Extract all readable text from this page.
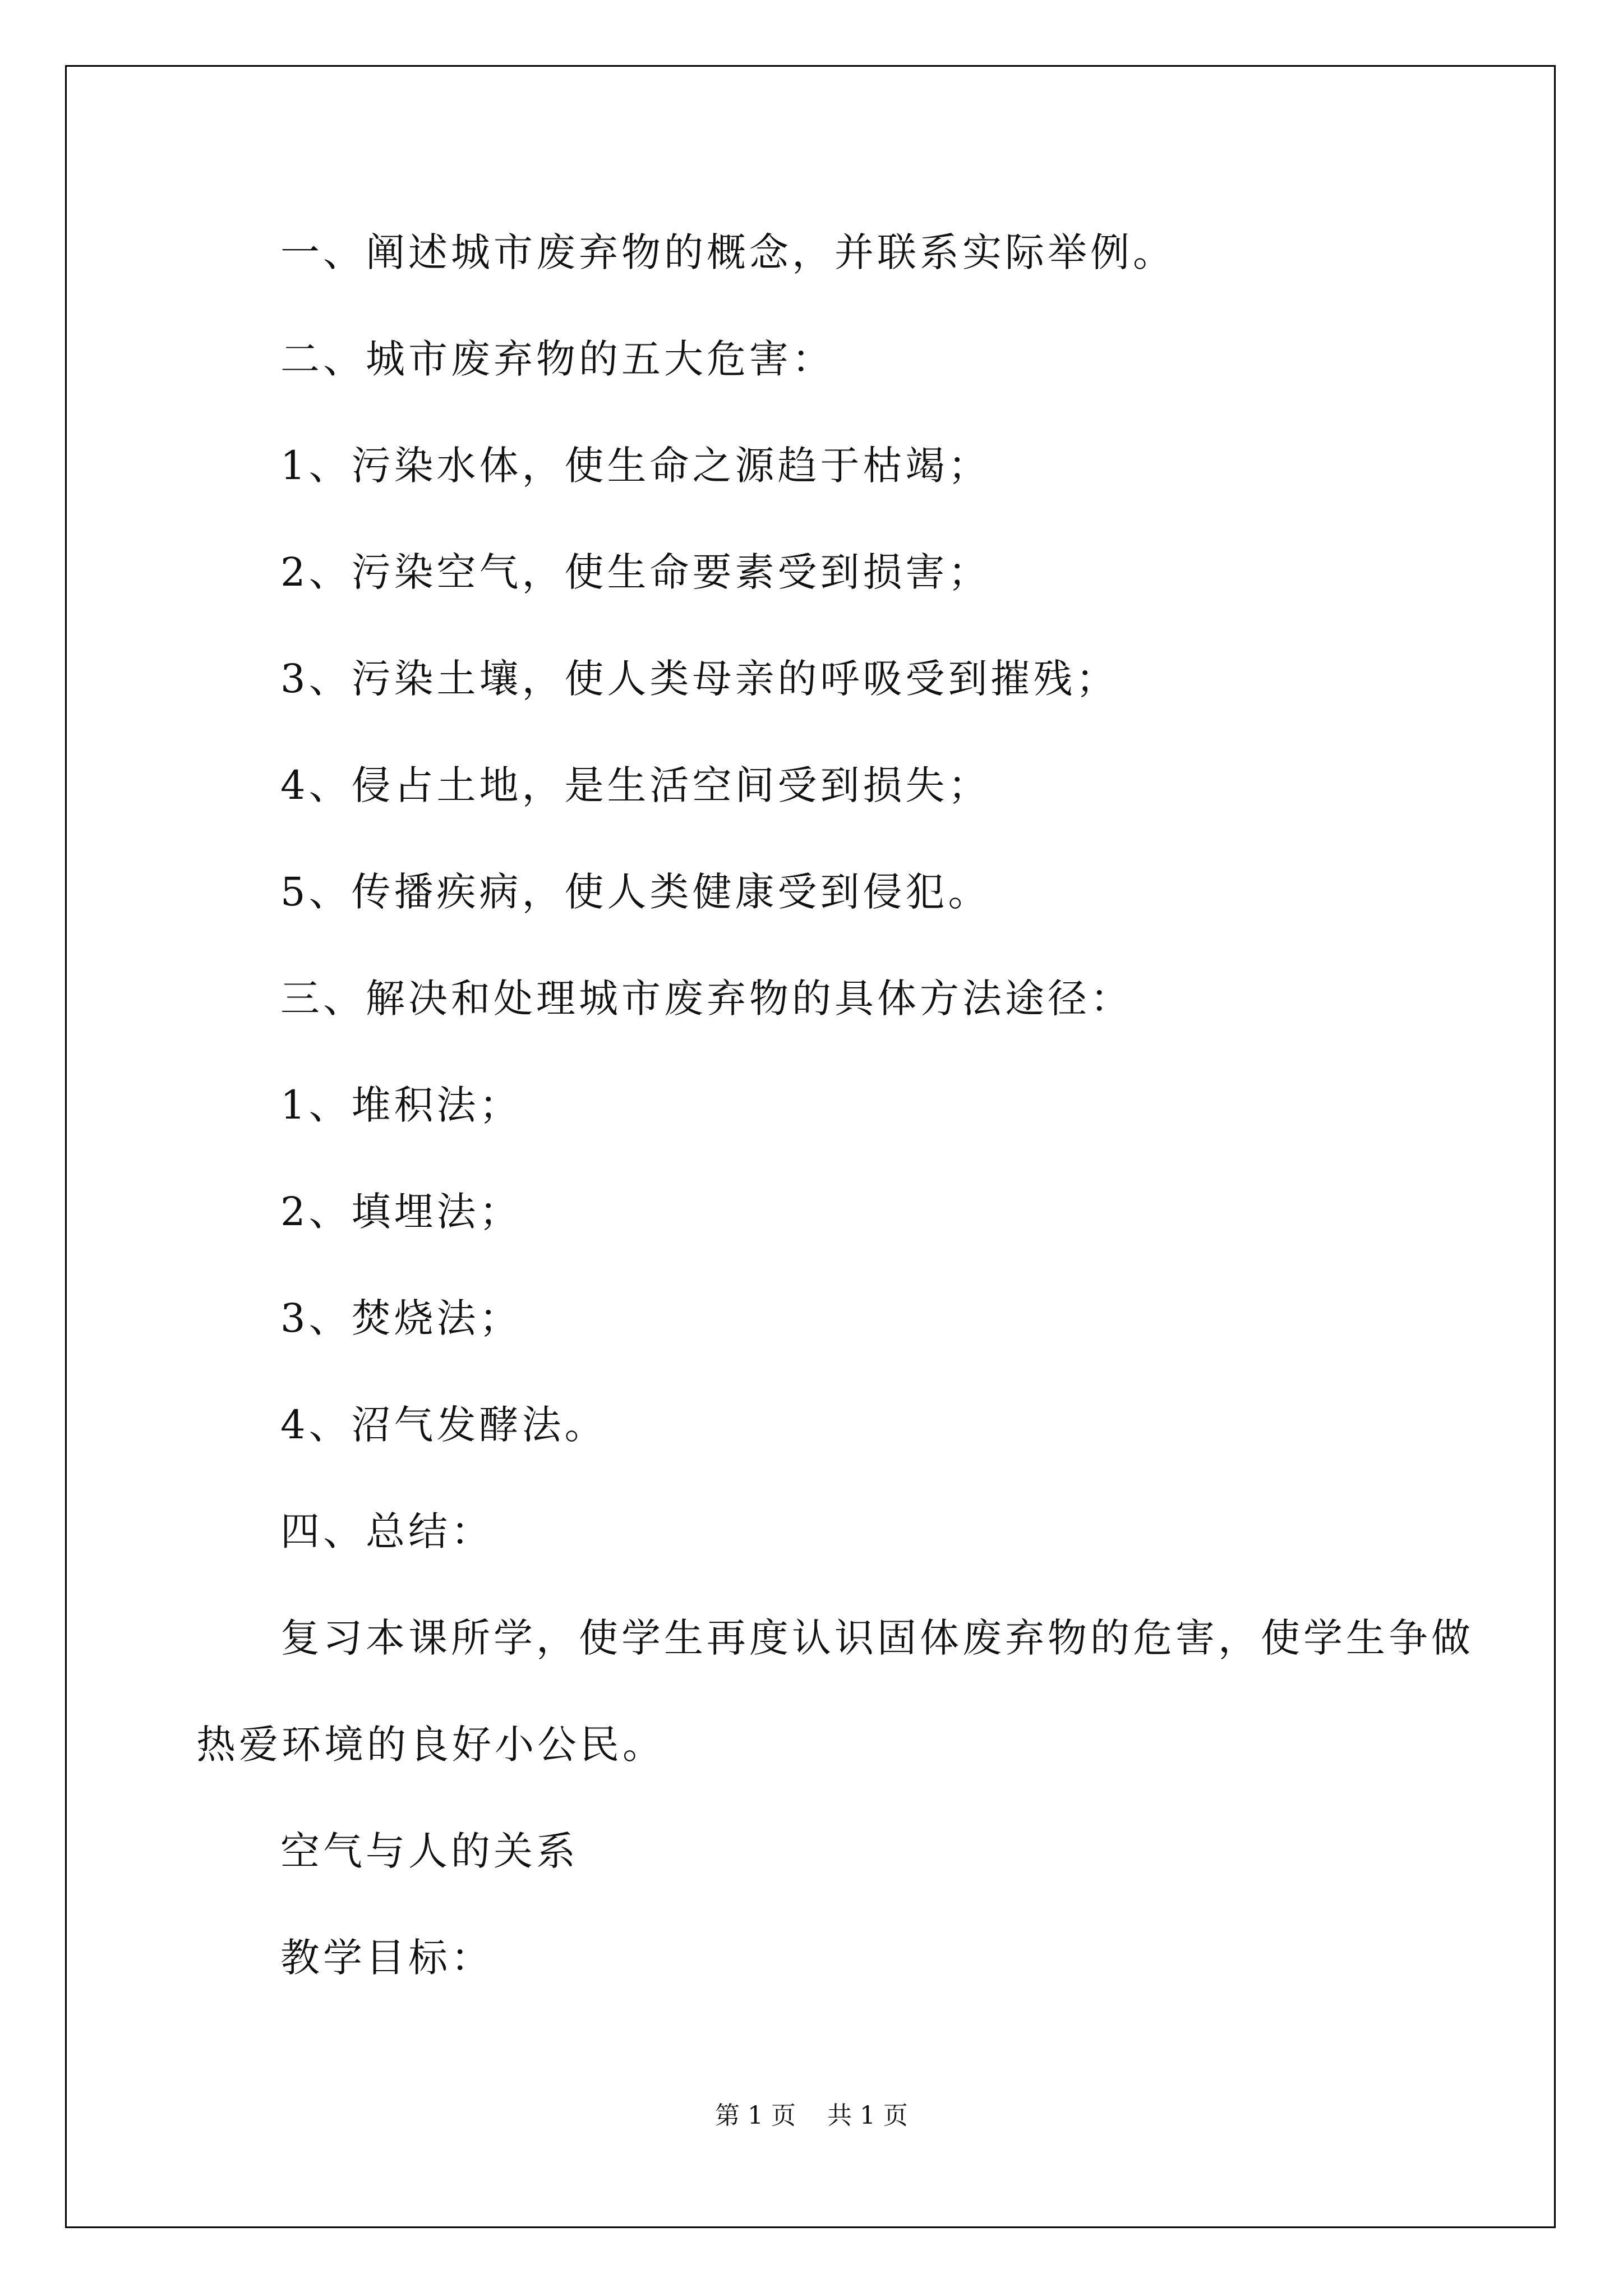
一、阐述城市废弃物的概念，并联系实际举例。
二、城市废弃物的五大危害：
1、污染水体，使生命之源趋于枯竭；
2、污染空气，使生命要素受到损害；
3、污染土壤，使人类母亲的呼吸受到摧残；
4、侵占土地，是生活空间受到损失；
5、传播疾病，使人类健康受到侵犯。
三、解决和处理城市废弃物的具体方法途径：
1、堆积法；
2、填埋法；
3、焚烧法；
4、沼气发酵法。
四、总结：
复习本课所学，使学生再度认识固体废弃物的危害，使学生争做
热爱环境的良好小公民。
空气与人的关系
教学目标：
第 1 页    共 1 页
